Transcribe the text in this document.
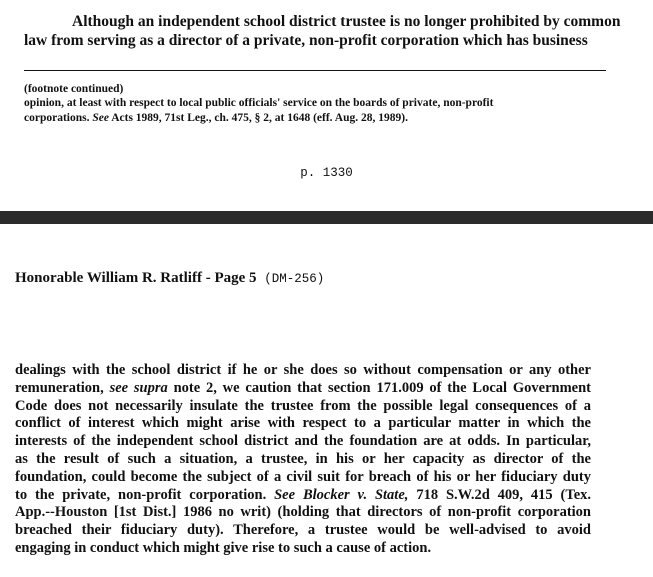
Although an independent school district trustee is no longer prohibited by common
law from serving as a director of a private, non-profit corporation which has business
(footnote continued)
opinion, at least with respect to local public officials' service on the boards of private, non-profit
corporations. See Acts 1989, 71st Leg., ch. 475, § 2, at 1648 (eff. Aug. 28, 1989).
p. 1330
Honorable William R. Ratliff - Page 5 (DM-256)
dealings with the school district if he or she does so without compensation or any other
remuneration, see supra note 2, we caution that section 171.009 of the Local Government
Code does not necessarily insulate the trustee from the possible legal consequences of a
conflict of interest which might arise with respect to a particular matter in which the
interests of the independent school district and the foundation are at odds. In particular,
as the result of such a situation, a trustee, in his or her capacity as director of the
foundation, could become the subject of a civil suit for breach of his or her fiduciary duty
to the private, non-profit corporation. See Blocker v. State, 718 S.W.2d 409, 415 (Tex.
App.--Houston [1st Dist.] 1986 no writ) (holding that directors of non-profit corporation
breached their fiduciary duty). Therefore, a trustee would be well-advised to avoid
engaging in conduct which might give rise to such a cause of action.
